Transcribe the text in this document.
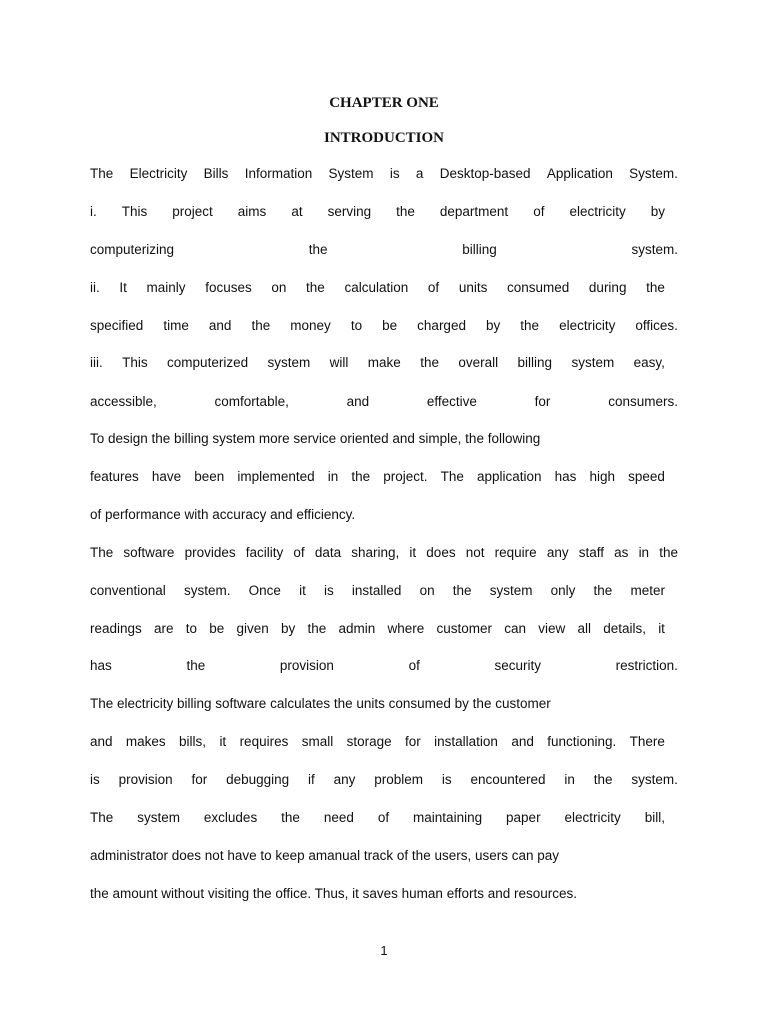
CHAPTER ONE
INTRODUCTION
The Electricity Bills Information System is a Desktop-based Application System.
i. This project aims at serving the department of electricity by
computerizing	the	billing	system.
ii. It mainly focuses on the calculation of units consumed during the
specified time and the money to be charged by the electricity offices.
iii. This computerized system will make the overall billing system easy,
accessible,	comfortable,	and	effective	for	consumers.
To design the billing system more service oriented and simple, the following
features have been implemented in the project. The application has high speed
of performance with accuracy and efficiency.
The software provides facility of data sharing, it does not require any staff as in the
conventional system. Once it is installed on the system only the meter
readings are to be given by the admin where customer can view all details, it
has	the	provision	of	security	restriction.
The electricity billing software calculates the units consumed by the customer
and makes bills, it requires small storage for installation and functioning. There
is provision for debugging if any problem is encountered in the system.
The system excludes the need of maintaining paper electricity bill,
administrator does not have to keep amanual track of the users, users can pay
the amount without visiting the office. Thus, it saves human efforts and resources.
1
